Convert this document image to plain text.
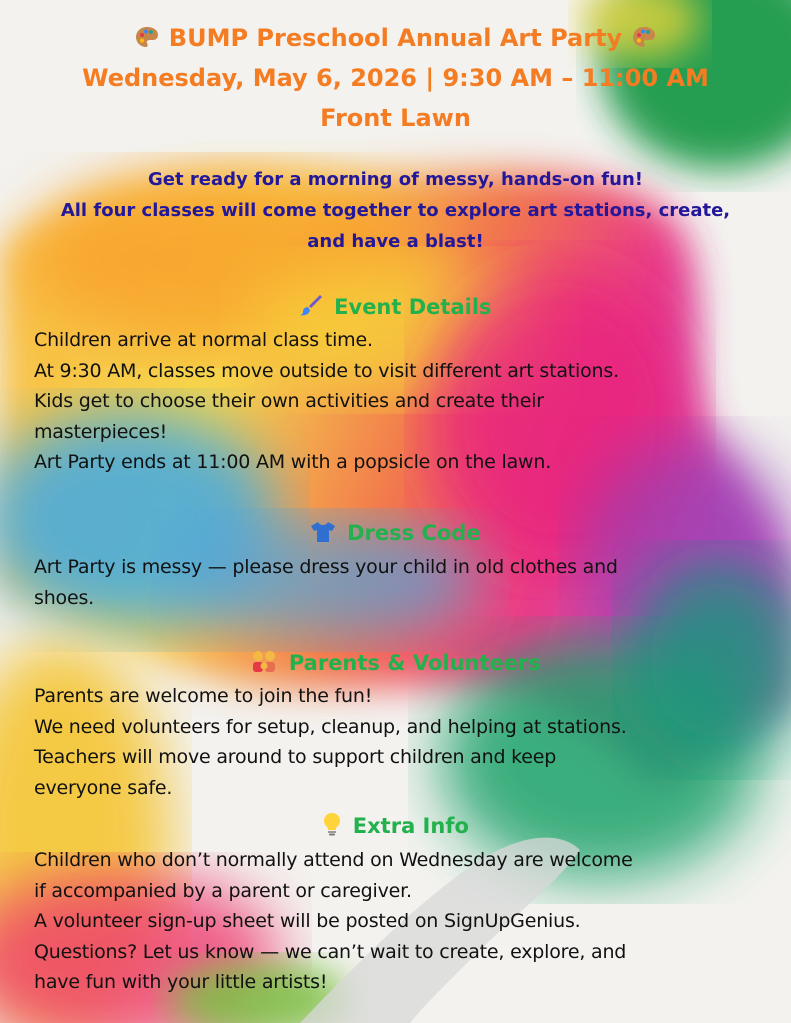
BUMP Preschool Annual Art Party
Wednesday, May 6, 2026 | 9:30 AM – 11:00 AM
Front Lawn
Get ready for a morning of messy, hands-on fun!
All four classes will come together to explore art stations, create,
and have a blast!
Event Details
Children arrive at normal class time.
At 9:30 AM, classes move outside to visit different art stations.
Kids get to choose their own activities and create their
masterpieces!
Art Party ends at 11:00 AM with a popsicle on the lawn.
Dress Code
Art Party is messy — please dress your child in old clothes and
shoes.
Parents & Volunteers
Parents are welcome to join the fun!
We need volunteers for setup, cleanup, and helping at stations.
Teachers will move around to support children and keep
everyone safe.
Extra Info
Children who don’t normally attend on Wednesday are welcome
if accompanied by a parent or caregiver.
A volunteer sign-up sheet will be posted on SignUpGenius.
Questions? Let us know — we can’t wait to create, explore, and
have fun with your little artists!
